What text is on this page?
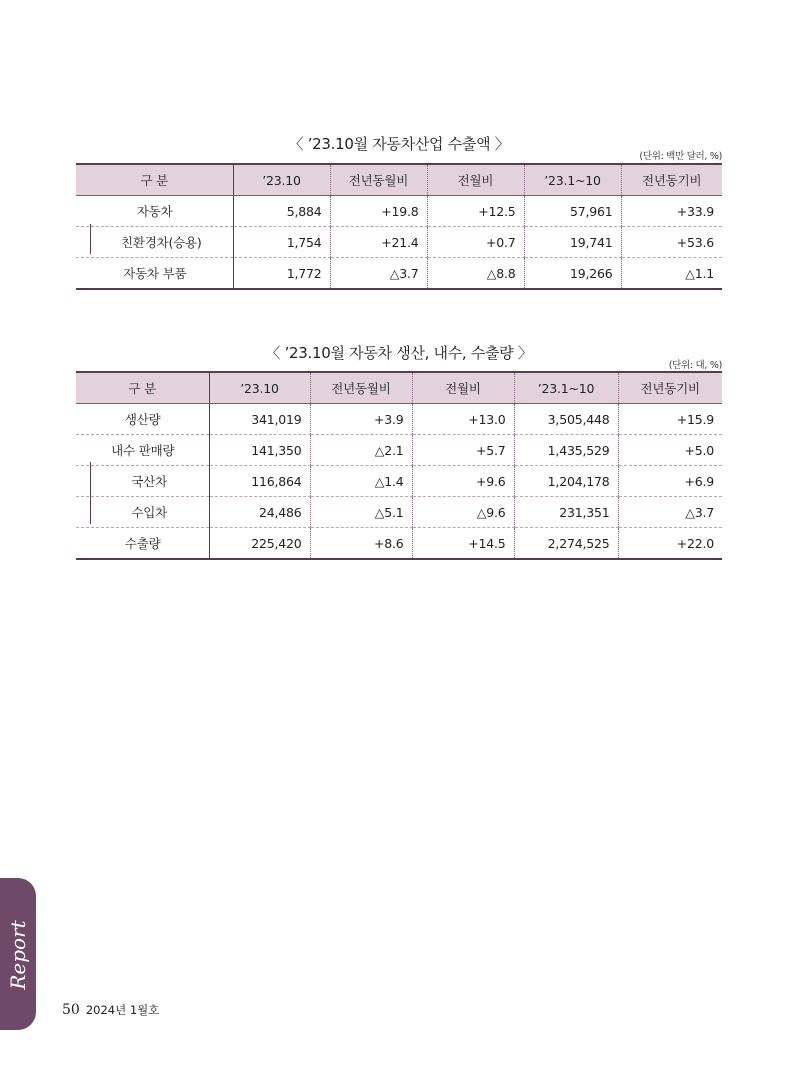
〈 ’23.10월 자동차산업 수출액 〉
(단위: 백만 달러, %)
구 분	’23.10	전년동월비	전월비	’23.1~10	전년동기비
자동차	5,884	+19.8	+12.5	57,961	+33.9
친환경차(승용)	1,754	+21.4	+0.7	19,741	+53.6
자동차 부품	1,772	△3.7	△8.8	19,266	△1.1
〈 ’23.10월 자동차 생산, 내수, 수출량 〉
(단위: 대, %)
구 분	’23.10	전년동월비	전월비	’23.1~10	전년동기비
생산량	341,019	+3.9	+13.0	3,505,448	+15.9
내수 판매량	141,350	△2.1	+5.7	1,435,529	+5.0
국산차	116,864	△1.4	+9.6	1,204,178	+6.9
수입차	24,486	△5.1	△9.6	231,351	△3.7
수출량	225,420	+8.6	+14.5	2,274,525	+22.0
Report
50 2024년 1월호
